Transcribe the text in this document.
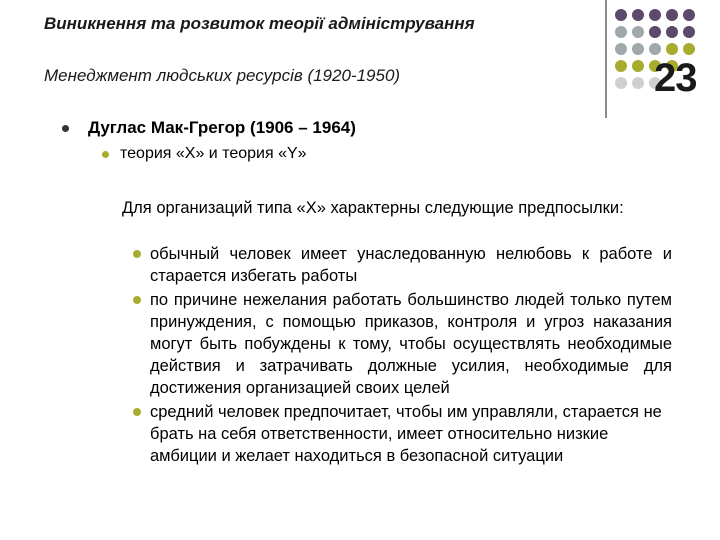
Виникнення та розвиток теорії адміністрування
Менеджмент людських ресурсів (1920-1950)	23
Дуглас Мак-Грегор (1906 – 1964)
теория «X» и теория «Y»
Для организаций типа «X» характерны следующие предпосылки:
обычный человек имеет унаследованную нелюбовь к работе и старается избегать работы
по причине нежелания работать большинство людей только путем принуждения, с помощью приказов, контроля и угроз наказания могут быть побуждены к тому, чтобы осуществлять необходимые действия и затрачивать должные усилия, необходимые для достижения организацией своих целей
средний человек предпочитает, чтобы им управляли, старается не брать на себя ответственности, имеет относительно низкие амбиции и желает находиться в безопасной ситуации
